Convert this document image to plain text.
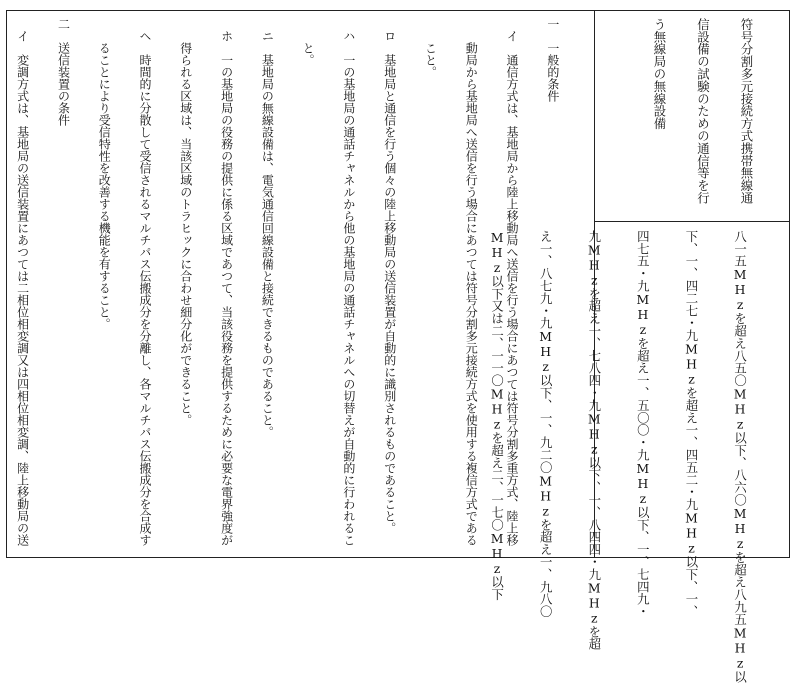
符号分割多元接続方式携帯無線通

信設備の試験のための通信等を行

う無線局の無線設備

八一五MHzを超え八五〇MHz以下、八六〇MHzを超え八九五MHz以

下、一、四二七・九MHzを超え一、四五二・九MHz以下、一、

四七五・九MHzを超え一、五〇〇・九MHz以下、一、七四九・

九MHzを超え一、七八四・九MHz以下、一、八四四・九MHzを超

え一、八七九・九MHz以下、一、九二〇MHzを超え一、九八〇

MHz以下又は二、一一〇MHzを超え二、一七〇MHz以下

一　一般的条件

　イ　通信方式は、基地局から陸上移動局へ送信を行う場合にあつては符号分割多重方式、陸上移

　　動局から基地局へ送信を行う場合にあつては符号分割多元接続方式を使用する複信方式である

　　こと。

　ロ　基地局と通信を行う個々の陸上移動局の送信装置が自動的に識別されるものであること。

　ハ　一の基地局の通話チャネルから他の基地局の通話チャネルへの切替えが自動的に行われるこ

　　と。

　ニ　基地局の無線設備は、電気通信回線設備と接続できるものであること。

　ホ　一の基地局の役務の提供に係る区域であつて、当該役務を提供するために必要な電界強度が

　　得られる区域は、当該区域のトラヒックに合わせ細分化ができること。

　ヘ　時間的に分散して受信されるマルチパス伝搬成分を分離し、各マルチパス伝搬成分を合成す

　　ることにより受信特性を改善する機能を有すること。

二　送信装置の条件

　イ　変調方式は、基地局の送信装置にあつては二相位相変調又は四相位相変調、陸上移動局の送
